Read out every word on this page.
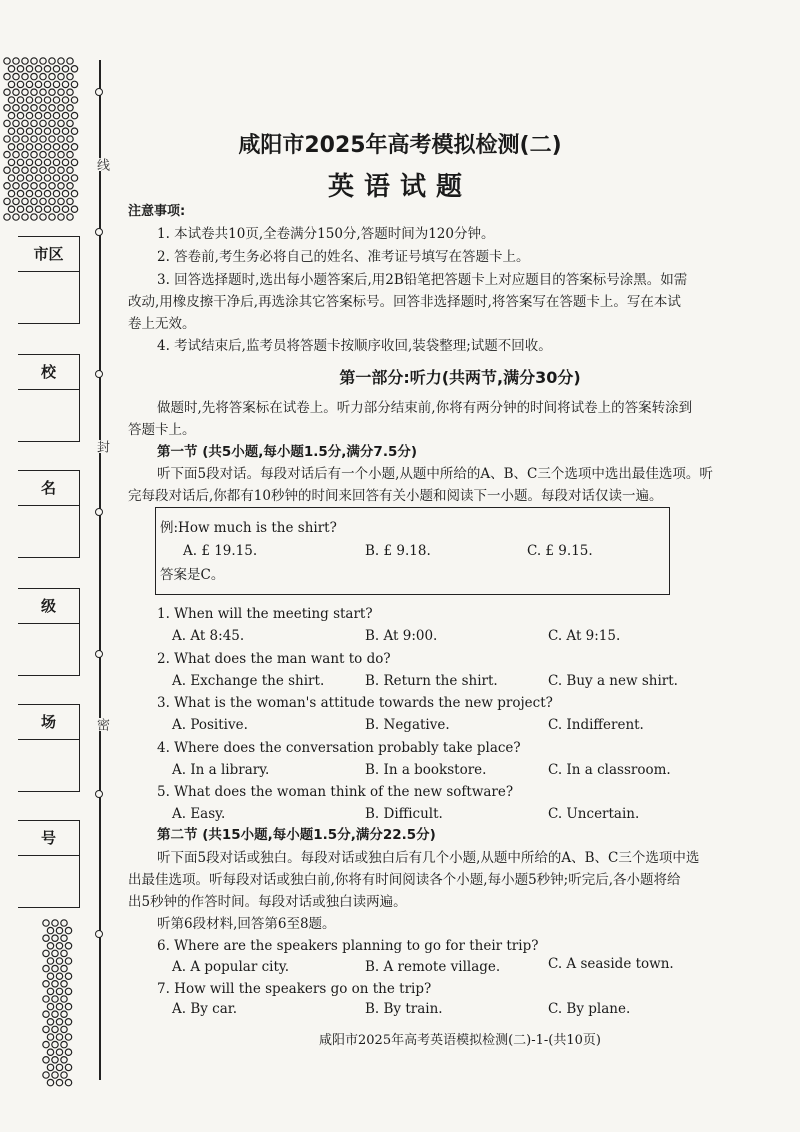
线
封
密
市区
校
名
级
场
号
咸阳市2025年高考模拟检测(二)
英语试题
注意事项:
1. 本试卷共10页,全卷满分150分,答题时间为120分钟。
2. 答卷前,考生务必将自己的姓名、准考证号填写在答题卡上。
3. 回答选择题时,选出每小题答案后,用2B铅笔把答题卡上对应题目的答案标号涂黑。如需
改动,用橡皮擦干净后,再选涂其它答案标号。回答非选择题时,将答案写在答题卡上。写在本试
卷上无效。
4. 考试结束后,监考员将答题卡按顺序收回,装袋整理;试题不回收。
第一部分:听力(共两节,满分30分)
做题时,先将答案标在试卷上。听力部分结束前,你将有两分钟的时间将试卷上的答案转涂到
答题卡上。
第一节 (共5小题,每小题1.5分,满分7.5分)
听下面5段对话。每段对话后有一个小题,从题中所给的A、B、C三个选项中选出最佳选项。听
完每段对话后,你都有10秒钟的时间来回答有关小题和阅读下一小题。每段对话仅读一遍。
例:How much is the shirt?
A. £ 19.15.	B. £ 9.18.	C. £ 9.15.
答案是C。
1. When will the meeting start?
A. At 8:45.	B. At 9:00.	C. At 9:15.
2. What does the man want to do?
A. Exchange the shirt.	B. Return the shirt.	C. Buy a new shirt.
3. What is the woman's attitude towards the new project?
A. Positive.	B. Negative.	C. Indifferent.
4. Where does the conversation probably take place?
A. In a library.	B. In a bookstore.	C. In a classroom.
5. What does the woman think of the new software?
A. Easy.	B. Difficult.	C. Uncertain.
第二节 (共15小题,每小题1.5分,满分22.5分)
听下面5段对话或独白。每段对话或独白后有几个小题,从题中所给的A、B、C三个选项中选
出最佳选项。听每段对话或独白前,你将有时间阅读各个小题,每小题5秒钟;听完后,各小题将给
出5秒钟的作答时间。每段对话或独白读两遍。
听第6段材料,回答第6至8题。
6. Where are the speakers planning to go for their trip?
A. A popular city.	B. A remote village.	C. A seaside town.
7. How will the speakers go on the trip?
A. By car.	B. By train.	C. By plane.
咸阳市2025年高考英语模拟检测(二)-1-(共10页)
